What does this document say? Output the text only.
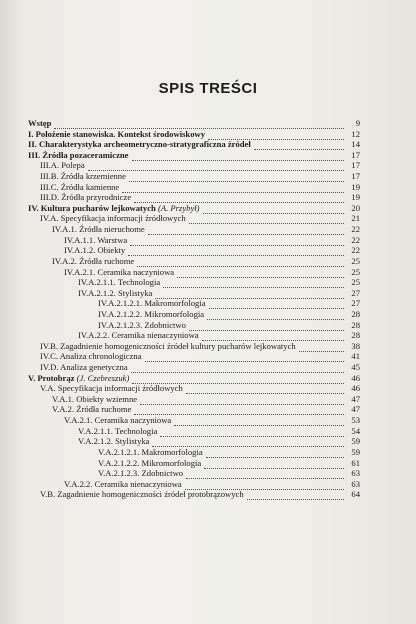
SPIS TREŚCI
Wstęp	9
I. Położenie stanowiska. Kontekst środowiskowy	12
II. Charakterystyka archeometryczno-stratygraficzna źródeł	14
III. Źródła pozaceramiczne	17
III.A. Polepa	17
III.B. Źródła krzemienne	17
III.C. Źródła kamienne	19
III.D. Źródła przyrodnicze	19
IV. Kultura pucharów lejkowatych (A. Przybył)	20
IV.A. Specyfikacja informacji źródłowych	21
IV.A.1. Źródła nieruchome	22
IV.A.1.1. Warstwa	22
IV.A.1.2. Obiekty	22
IV.A.2. Źródła ruchome	25
IV.A.2.1. Ceramika naczyniowa	25
IV.A.2.1.1. Technologia	25
IV.A.2.1.2. Stylistyka	27
IV.A.2.1.2.1. Makromorfologia	27
IV.A.2.1.2.2. Mikromorfologia	28
IV.A.2.1.2.3. Zdobnictwo	28
IV.A.2.2. Ceramika nienaczyniowa	28
IV.B. Zagadnienie homogeniczności źródeł kultury pucharów lejkowatych	38
IV.C. Analiza chronologiczna	41
IV.D. Analiza genetyczna	45
V. Protobrąz (J. Czebreszuk)	46
V.A. Specyfikacja informacji źródłowych	46
V.A.1. Obiekty wziemne	47
V.A.2. Źródła ruchome	47
V.A.2.1. Ceramika naczyniowa	53
V.A.2.1.1. Technologia	54
V.A.2.1.2. Stylistyka	59
V.A.2.1.2.1. Makromorfologia	59
V.A.2.1.2.2. Mikromorfologia	61
V.A.2.1.2.3. Zdobnictwo	63
V.A.2.2. Ceramika nienaczyniowa	63
V.B. Zagadnienie homogeniczności źródeł protobrązowych	64
